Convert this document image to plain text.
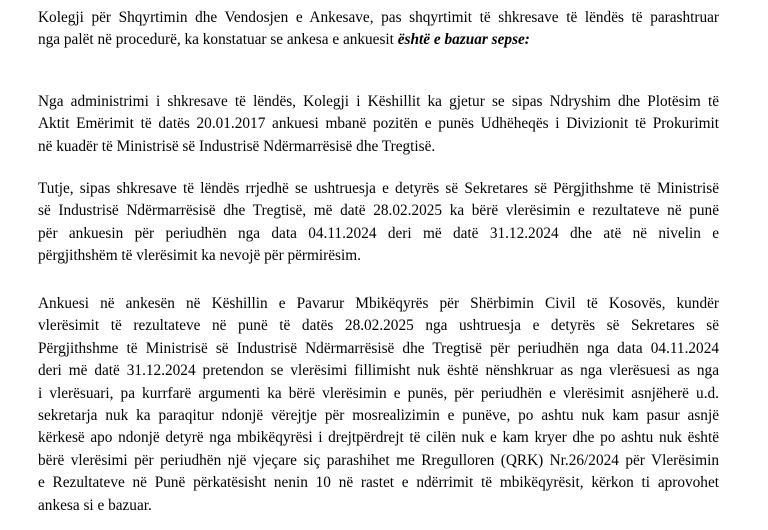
Kolegji për Shqyrtimin dhe Vendosjen e Ankesave, pas shqyrtimit të shkresave të lëndës të parashtruar
nga palët në procedurë, ka konstatuar se ankesa e ankuesit është e bazuar sepse:
Nga administrimi i shkresave të lëndës, Kolegji i Këshillit ka gjetur se sipas Ndryshim dhe Plotësim të
Aktit Emërimit të datës 20.01.2017 ankuesi mbanë pozitën e punës Udhëheqës i Divizionit të Prokurimit
në kuadër të Ministrisë së Industrisë Ndërmarrësisë dhe Tregtisë.
Tutje, sipas shkresave të lëndës rrjedhë se ushtruesja e detyrës së Sekretares së Përgjithshme të Ministrisë
së Industrisë Ndërmarrësisë dhe Tregtisë, më datë 28.02.2025 ka bërë vlerësimin e rezultateve në punë
për ankuesin për periudhën nga data 04.11.2024 deri më datë 31.12.2024 dhe atë në nivelin e
përgjithshëm të vlerësimit ka nevojë për përmirësim.
Ankuesi në ankesën në Këshillin e Pavarur Mbikëqyrës për Shërbimin Civil të Kosovës, kundër
vlerësimit të rezultateve në punë të datës 28.02.2025 nga ushtruesja e detyrës së Sekretares së
Përgjithshme të Ministrisë së Industrisë Ndërmarrësisë dhe Tregtisë për periudhën nga data 04.11.2024
deri më datë 31.12.2024 pretendon se vlerësimi fillimisht nuk është nënshkruar as nga vlerësuesi as nga
i vlerësuari, pa kurrfarë argumenti ka bërë vlerësimin e punës, për periudhën e vlerësimit asnjëherë u.d.
sekretarja nuk ka paraqitur ndonjë vërejtje për mosrealizimin e punëve, po ashtu nuk kam pasur asnjë
kërkesë apo ndonjë detyrë nga mbikëqyrësi i drejtpërdrejt të cilën nuk e kam kryer dhe po ashtu nuk është
bërë vlerësimi për periudhën një vjeçare siç parashihet me Rregulloren (QRK) Nr.26/2024 për Vlerësimin
e Rezultateve në Punë përkatësisht nenin 10 në rastet e ndërrimit të mbikëqyrësit, kërkon ti aprovohet
ankesa si e bazuar.
